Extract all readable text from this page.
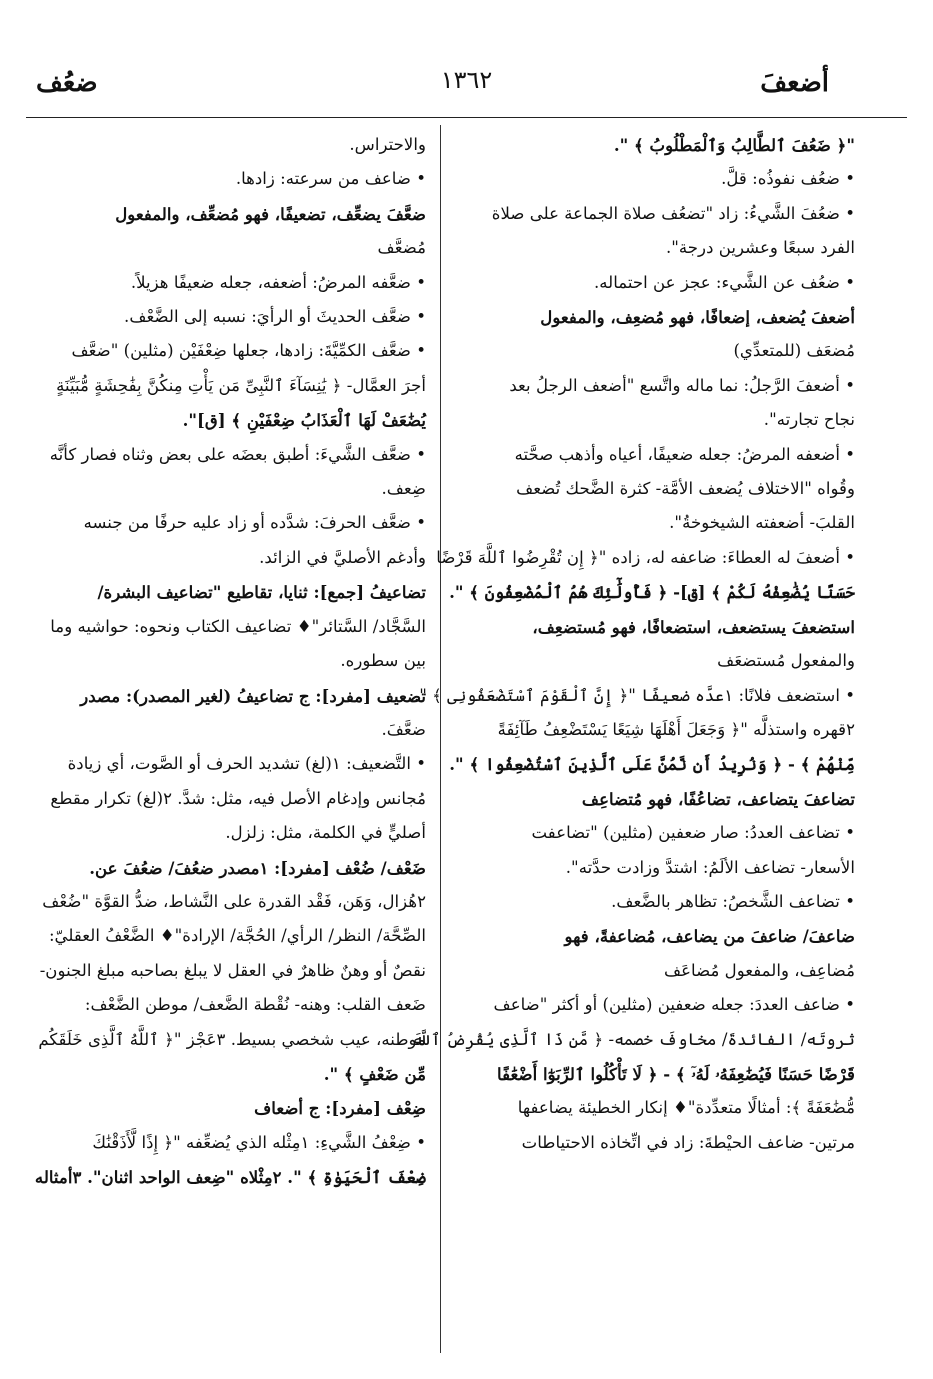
أضعفَ
١٣٦٢
ضعُف
"﴿ ضَعُفَ ٱلطَّالِبُ وَٱلْمَطْلُوبُ ﴾ ".
• ضعُف نفوذُه: قلَّ.
• ضعُفَ الشَّيءُ: زاد "تضعُف صلاة الجماعة على صلاة
الفرد سبعًا وعشرين درجة".
• ضعُف عن الشَّيء: عجز عن احتماله.
أضعفَ يُضعف، إضعافًا، فهو مُضعِف، والمفعول
مُضعَف (للمتعدِّي)
• أضعفَ الرَّجلُ: نما ماله واتَّسع "أضعف الرجلُ بعد
نجاح تجارته".
• أضعفه المرضُ: جعله ضعيفًا، أعياه وأذهب صحَّته
وقُواه "الاختلاف يُضعف الأمَّة- كثرة الضَّحك تُضعف
القلبَ- أضعفته الشيخوخةُ".
• أضعفَ له العطاءَ: ضاعفه له، زاده "﴿ إِن تُقْرِضُوا ٱللَّهَ قَرْضًا
حَسَنًا يُضَٰعِفْهُ لَكُمْ ﴾ [ق]- ﴿ فَأُولَٰٓئِكَ هُمُ ٱلْمُضْعِفُونَ ﴾ ".
استضعفَ يستضعف، استضعافًا، فهو مُستضعِف،
والمفعول مُستضعَف
• استضعف فلانًا: ١عدَّه ضعيفًا "﴿ إِنَّ ٱلْقَوْمَ ٱسْتَضْعَفُونِى ﴾ ".
٢قهره واستذلَّه "﴿ وَجَعَلَ أَهْلَهَا شِيَعًا يَسْتَضْعِفُ طَآئِفَةً
مِّنْهُمْ ﴾ - ﴿ وَنُرِيدُ أَن نَّمُنَّ عَلَى ٱلَّذِينَ ٱسْتُضْعِفُوا ﴾ ".
تضاعفَ يتضاعف، تضاعُفًا، فهو مُتضاعِف
• تضاعف العددُ: صار ضعفين (مثلين) "تضاعفت
الأسعار- تضاعف الألَمُ: اشتدَّ وزادت حدَّته".
• تضاعف الشَّخصُ: تظاهر بالضَّعف.
ضاعفَ/ ضاعفَ من يضاعف، مُضاعفةً، فهو
مُضاعِف، والمفعول مُضاعَف
• ضاعف العددَ: جعله ضعفين (مثلين) أو أكثر "ضاعف
ثروتَه/ الفائدةَ/ مخاوفَ خصمه- ﴿ مَّن ذَا ٱلَّذِى يُقْرِضُ ٱللَّهَ
قَرْضًا حَسَنًا فَيُضَٰعِفَهُۥ لَهُۥٓ ﴾ - ﴿ لَا تَأْكُلُوا ٱلرِّبَوٰٓا أَضْعَٰفًا
مُّضَٰعَفَةً ﴾: أمثالًا متعدِّدة"♦ إنكار الخطيئة يضاعفها
مرتين- ضاعف الحيْطةَ: زاد في اتِّخاذه الاحتياطات
والاحتراس.
• ضاعف من سرعته: زادها.
ضعَّفَ يضعِّف، تضعيفًا، فهو مُضعِّف، والمفعول
مُضعَّف
• ضعَّفه المرضُ: أضعفه، جعله ضعيفًا هزيلاً.
• ضعَّف الحديثَ أو الرأيَ: نسبه إلى الضَّعْف.
• ضعَّف الكمِّيَّةَ: زادها، جعلها ضِعْفَيْن (مثلين) "ضعَّف
أجرَ العمَّال- ﴿ يَٰنِسَآءَ ٱلنَّبِىِّ مَن يَأْتِ مِنكُنَّ بِفَٰحِشَةٍ مُّبَيِّنَةٍ
يُضَٰعَفْ لَهَا ٱلْعَذَابُ ضِعْفَيْنِ ﴾ [ق]".
• ضعَّف الشَّيءَ: أطبق بعضَه على بعض وثناه فصار كأنَّه
ضِعف.
• ضعَّف الحرفَ: شدَّده أو زاد عليه حرفًا من جنسه
وأدغم الأصليَّ في الزائد.
تضاعيفُ [جمع]: ثنايا، تقاطيع "تضاعيف البشرة/
السَّجَّاد/ السَّتائر"♦ تضاعيف الكتاب ونحوه: حواشيه وما
بين سطوره.
تضعيف [مفرد]: ج تضاعيفُ (لغير المصدر): مصدر
ضعَّفَ.
• التَّضعيف: ١(لغ) تشديد الحرف أو الصَّوت، أي زيادة
مُجانس وإدغام الأصل فيه، مثل: شدَّ. ٢(لغ) تكرار مقطع
أصليٍّ في الكلمة، مثل: زلزل.
ضَعْف/ ضُعْف [مفرد]: ١مصدر ضعُفَ/ ضعُفَ عن.
٢هُزال، وَهَن، فَقْد القدرة على النَّشاط، ضدُّ القوَّة "ضُعْف
الصِّحَّة/ النظر/ الرأي/ الحُجَّة/ الإرادة"♦ الضَّعْفُ العقليّ:
نقصٌ أو وهنٌ ظاهرٌ في العقل لا يبلغ بصاحبه مبلغ الجنون-
ضَعف القلب: وهنه- نُقْطة الضَّعف/ موطن الضَّعْف:
موطنه، عيب شخصي بسيط. ٣عَجْز "﴿ ٱللَّهُ ٱلَّذِى خَلَقَكُم
مِّن ضَعْفٍ ﴾ ".
ضِعْف [مفرد]: ج أضعاف
• ضِعْفُ الشَّيءِ: ١مِثْله الذي يُضعِّفه "﴿ إِذًا لَّأَذَقْنَٰكَ
ضِعْفَ ٱلْحَيَوٰةِ ﴾ ". ٢مِثْلاه "ضِعف الواحد اثنان". ٣أمثاله
